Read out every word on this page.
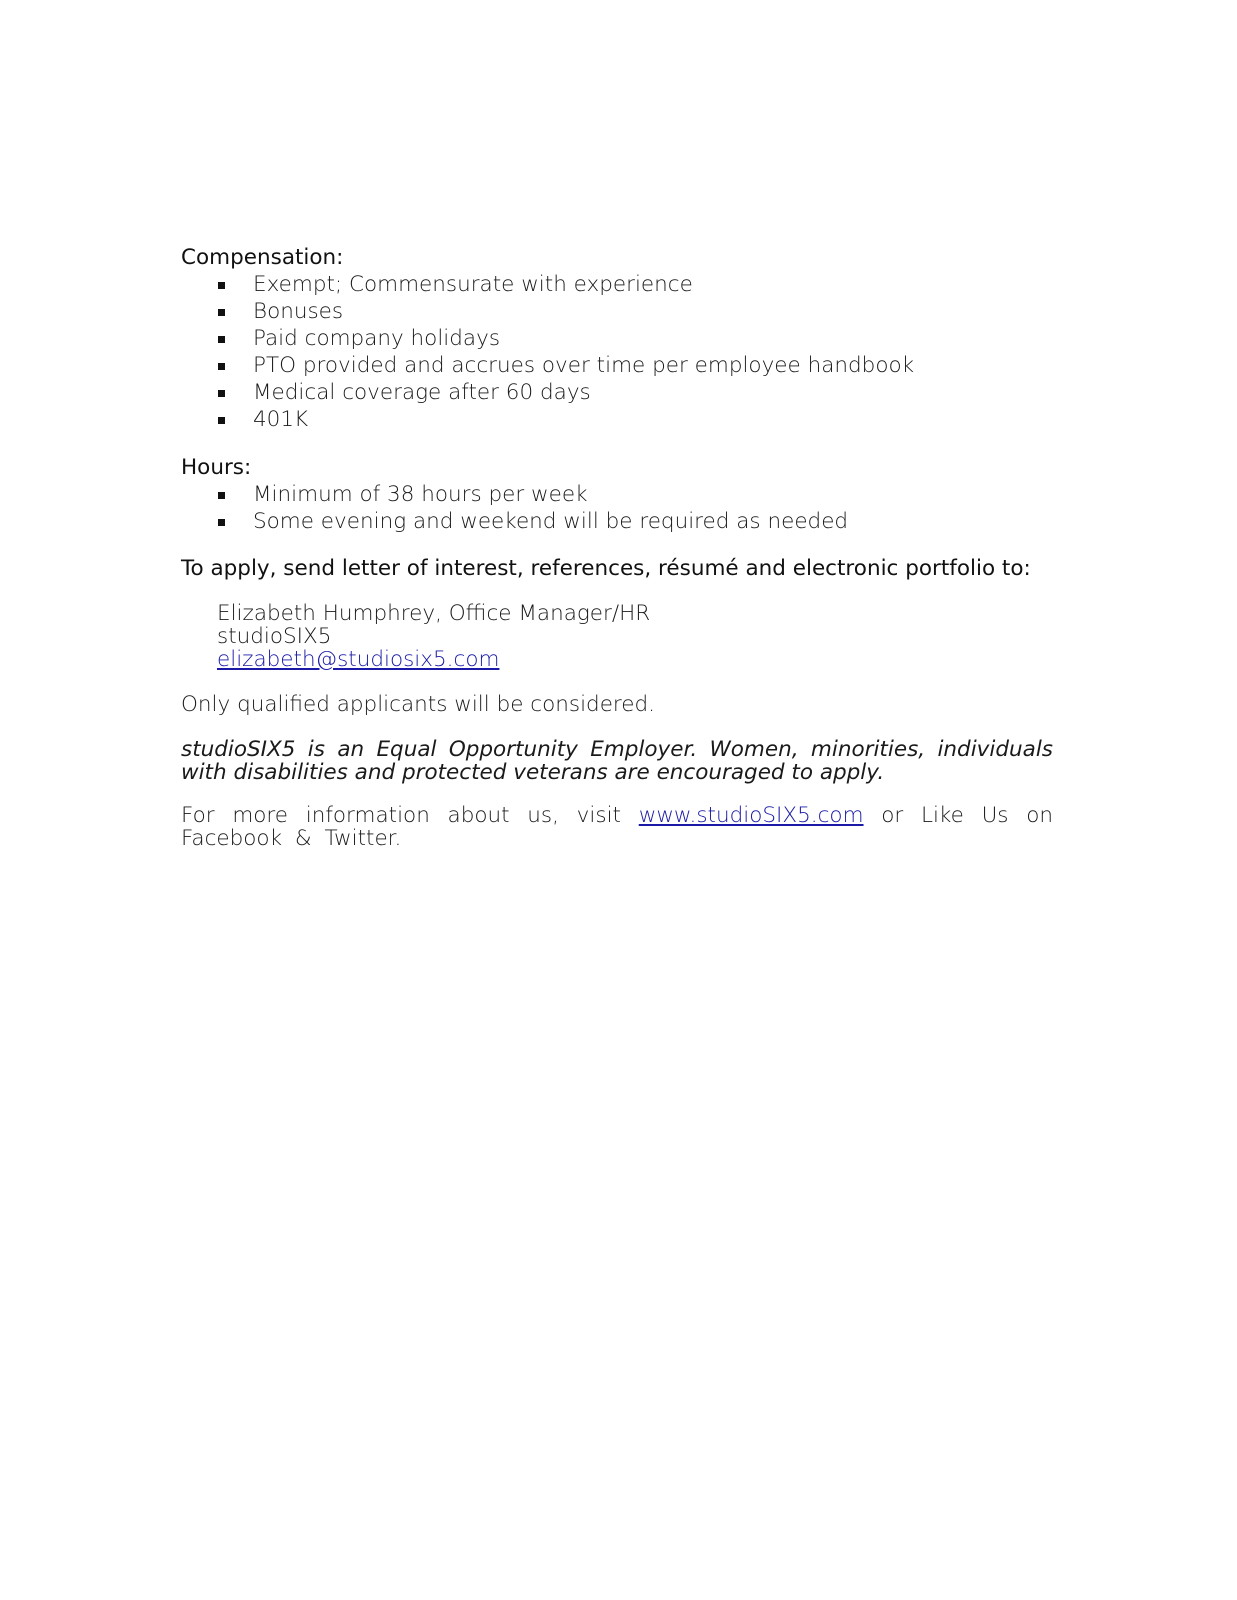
Compensation:

Exempt; Commensurate with experience
Bonuses
Paid company holidays
PTO provided and accrues over time per employee handbook
Medical coverage after 60 days
401K

Hours:

Minimum of 38 hours per week
Some evening and weekend will be required as needed

To apply, send letter of interest, references, résumé and electronic portfolio to:

Elizabeth Humphrey, Office Manager/HR
studioSIX5
elizabeth@studiosix5.com

Only qualified applicants will be considered.

studioSIX5 is an Equal Opportunity Employer. Women, minorities, individuals with disabilities and protected veterans are encouraged to apply.

For more information about us, visit www.studioSIX5.com or Like Us on Facebook & Twitter.
